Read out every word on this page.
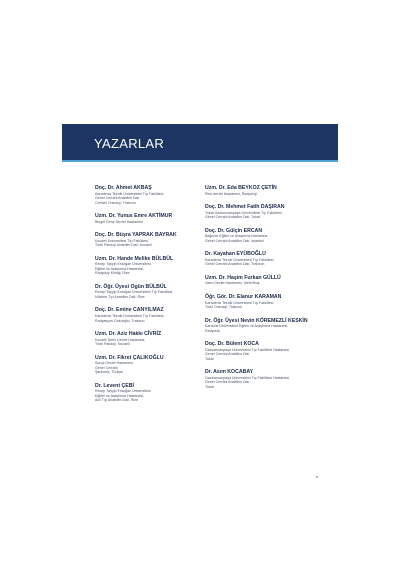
YAZARLAR
Doç. Dr. Ahmet AKBAŞ
Karadeniz Teknik Üniversitesi Tıp Fakültesi
Genel Cerrahi Anabilim Dalı,
Cerrahi Onkoloji, Trabzon
Uzm. Dr. Yunus Emre AKTİMUR
Bingöl Genç Devlet Hastanesi
Doç. Dr. Büşra YAPRAK BAYRAK
Kocaeli Üniversitesi Tıp Fakültesi,
Tıbbi Patoloji Anabilim Dalı, Kocaeli
Uzm. Dr. Hande Melike BÜLBÜL
Recep Tayyip Erdoğan Üniversitesi
Eğitim ve Araştırma Hastanesi,
Radyoloji Kliniği, Rize
Dr. Öğr. Üyesi Ogün BÜLBÜL
Recep Tayyip Erdoğan Üniversitesi Tıp Fakültesi
Nükleer Tıp Anabilim Dalı, Rize
Doç. Dr. Emine CANYILMAZ
Karadeniz Teknik Üniversitesi Tıp Fakültesi,
Radyasyon Onkolojisi, Trabzon
Uzm. Dr. Aziz Hakkı CİVRİZ
Kocaeli Şehir Devlet Hastanesi,
Tıbbi Patoloji, Kocaeli
Uzm. Dr. Fikret ÇALIKOĞLU
Suruç Devlet Hastanesi,
Genel Cerrahi,
Şanlıurfa, Türkiye
Dr. Levent ÇEBİ
Recep Tayyip Erdoğan Üniversitesi
Eğitim ve Araştırma Hastanesi,
Acil Tıp Anabilim Dalı, Rize
Uzm. Dr. Eda BEYKOZ ÇETİN
Rize devlet Hastanesi, Radyoloji
Doç. Dr. Mehmet Fatih DAŞIRAN
Tokat Gaziosmanpaşa Üniversitesi Tıp Fakültesi
Genel Cerrahi Anabilim Dalı, Tokat
Doç. Dr. Gülçin ERCAN
Bağcılar Eğitim ve Araştırma Hastanesi,
Genel Cerrahi Anabilim Dalı, İstanbul
Dr. Kayahan EYÜBOĞLU
Karadeniz Teknik Üniversitesi Tıp Fakültesi
Genel Cerrahi Anabilim Dalı, Trabzon
Uzm. Dr. Haşim Furkan GÜLLÜ
Varto Devlet Hastanesi, Varto/Muş
Öğr. Gör. Dr. Elanur KARAMAN
Karadeniz Teknik Üniversitesi Tıp Fakültesi
Tıbbi Onkoloji, Trabzon
Dr. Öğr. Üyesi Nevin KÖREMEZLİ KESKİN
Karabük Üniversitesi Eğitim ve Araştırma Hastanesi,
Radyoloji
Doç. Dr. Bülent KOCA
Gaziosmanpaşa Üniversitesi Tıp Fakültesi Hastanesi,
Genel Cerrahi Anabilim Dalı
Tokat
Dr. Asım KOCABAY
Gaziosmanpaşa Üniversitesi Tıp Fakültesi Hastanesi,
Genel Cerrahi Anabilim Dalı
Tokat
v
